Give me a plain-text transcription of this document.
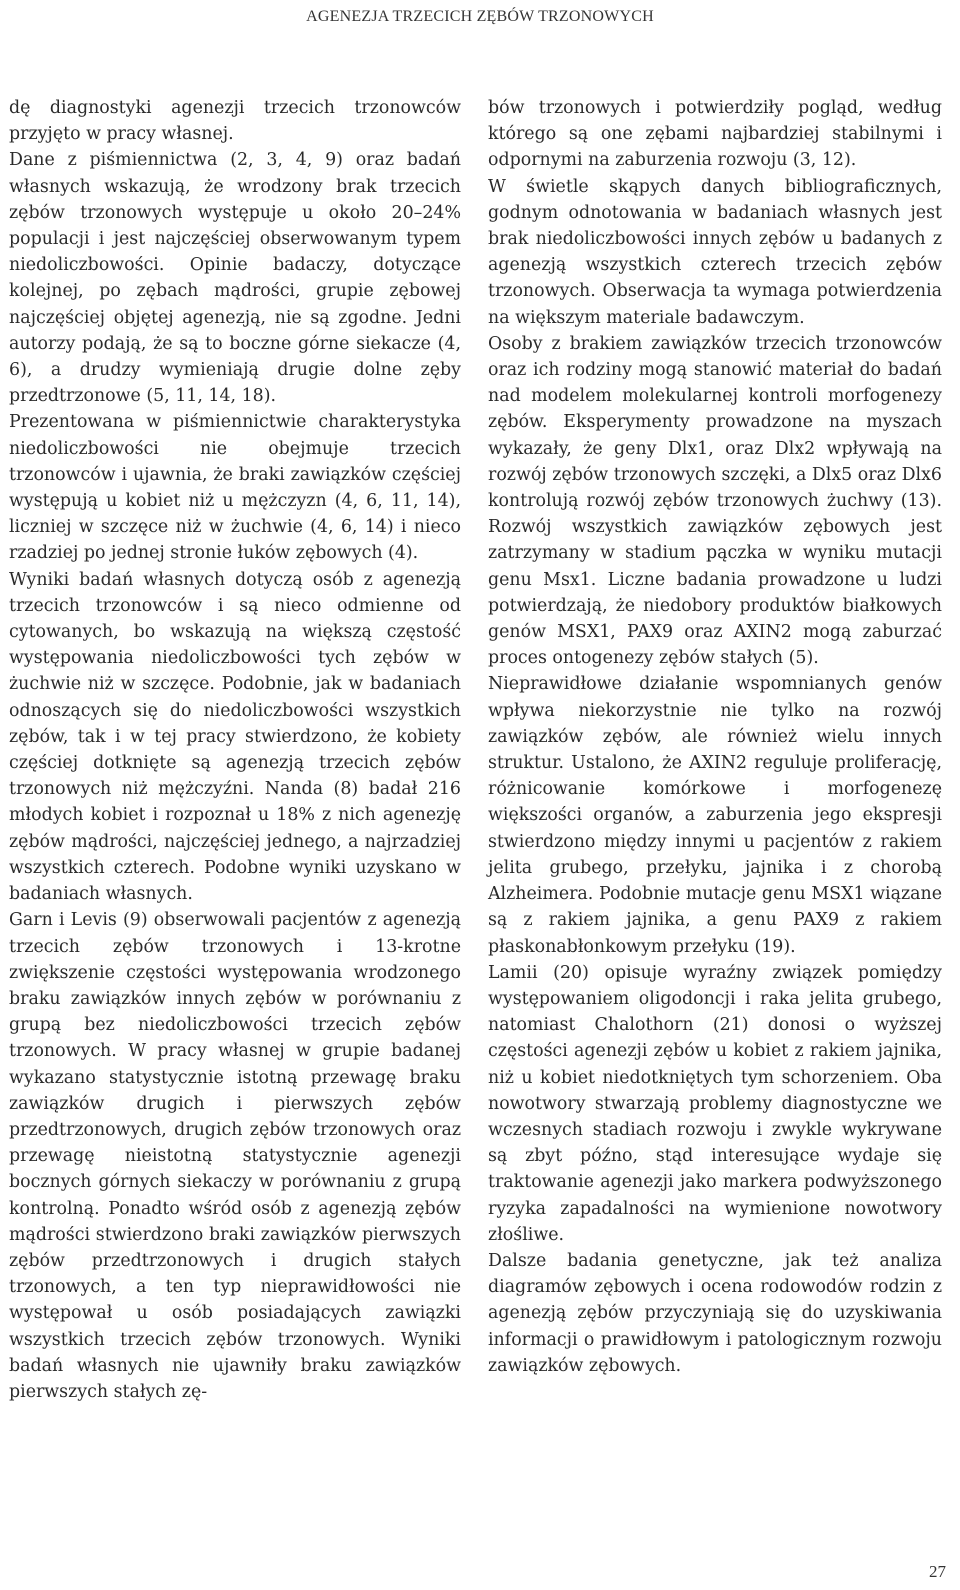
AGENEZJA TRZECICH ZĘBÓW TRZONOWYCH

dę diagnostyki agenezji trzecich trzonowców przyjęto w pracy własnej.

Dane z piśmiennictwa (2, 3, 4, 9) oraz badań własnych wskazują, że wrodzony brak trzecich zębów trzonowych występuje u około 20–24% populacji i jest najczęściej obserwowanym typem niedoliczbowości. Opinie badaczy, dotyczące kolejnej, po zębach mądrości, grupie zębowej najczęściej objętej agenezją, nie są zgodne. Jedni autorzy podają, że są to boczne górne siekacze (4, 6), a drudzy wymieniają drugie dolne zęby przedtrzonowe (5, 11, 14, 18).

Prezentowana w piśmiennictwie charakterystyka niedoliczbowości nie obejmuje trzecich trzonowców i ujawnia, że braki zawiązków częściej występują u kobiet niż u mężczyzn (4, 6, 11, 14), liczniej w szczęce niż w żuchwie (4, 6, 14) i nieco rzadziej po jednej stronie łuków zębowych (4).

Wyniki badań własnych dotyczą osób z agenezją trzecich trzonowców i są nieco odmienne od cytowanych, bo wskazują na większą częstość występowania niedoliczbowości tych zębów w żuchwie niż w szczęce. Podobnie, jak w badaniach odnoszących się do niedoliczbowości wszystkich zębów, tak i w tej pracy stwierdzono, że kobiety częściej dotknięte są agenezją trzecich zębów trzonowych niż mężczyźni. Nanda (8) badał 216 młodych kobiet i rozpoznał u 18% z nich agenezję zębów mądrości, najczęściej jednego, a najrzadziej wszystkich czterech. Podobne wyniki uzyskano w badaniach własnych.

Garn i Levis (9) obserwowali pacjentów z agenezją trzecich zębów trzonowych i 13-krotne zwiększenie częstości występowania wrodzonego braku zawiązków innych zębów w porównaniu z grupą bez niedoliczbowości trzecich zębów trzonowych. W pracy własnej w grupie badanej wykazano statystycznie istotną przewagę braku zawiązków drugich i pierwszych zębów przedtrzonowych, drugich zębów trzonowych oraz przewagę nieistotną statystycznie agenezji bocznych górnych siekaczy w porównaniu z grupą kontrolną. Ponadto wśród osób z agenezją zębów mądrości stwierdzono braki zawiązków pierwszych zębów przedtrzonowych i drugich stałych trzonowych, a ten typ nieprawidłowości nie występował u osób posiadających zawiązki wszystkich trzecich zębów trzonowych. Wyniki badań własnych nie ujawniły braku zawiązków pierwszych stałych zę-

bów trzonowych i potwierdziły pogląd, według którego są one zębami najbardziej stabilnymi i odpornymi na zaburzenia rozwoju (3, 12).

W świetle skąpych danych bibliograficznych, godnym odnotowania w badaniach własnych jest brak niedoliczbowości innych zębów u badanych z agenezją wszystkich czterech trzecich zębów trzonowych. Obserwacja ta wymaga potwierdzenia na większym materiale badawczym.

Osoby z brakiem zawiązków trzecich trzonowców oraz ich rodziny mogą stanowić materiał do badań nad modelem molekularnej kontroli morfogenezy zębów. Eksperymenty prowadzone na myszach wykazały, że geny Dlx1, oraz Dlx2 wpływają na rozwój zębów trzonowych szczęki, a Dlx5 oraz Dlx6 kontrolują rozwój zębów trzonowych żuchwy (13). Rozwój wszystkich zawiązków zębowych jest zatrzymany w stadium pączka w wyniku mutacji genu Msx1. Liczne badania prowadzone u ludzi potwierdzają, że niedobory produktów białkowych genów MSX1, PAX9 oraz AXIN2 mogą zaburzać proces ontogenezy zębów stałych (5).

Nieprawidłowe działanie wspomnianych genów wpływa niekorzystnie nie tylko na rozwój zawiązków zębów, ale również wielu innych struktur. Ustalono, że AXIN2 reguluje proliferację, różnicowanie komórkowe i morfogenezę większości organów, a zaburzenia jego ekspresji stwierdzono między innymi u pacjentów z rakiem jelita grubego, przełyku, jajnika i z chorobą Alzheimera. Podobnie mutacje genu MSX1 wiązane są z rakiem jajnika, a genu PAX9 z rakiem płaskonabłonkowym przełyku (19).

Lamii (20) opisuje wyraźny związek pomiędzy występowaniem oligodoncji i raka jelita grubego, natomiast Chalothorn (21) donosi o wyższej częstości agenezji zębów u kobiet z rakiem jajnika, niż u kobiet niedotkniętych tym schorzeniem. Oba nowotwory stwarzają problemy diagnostyczne we wczesnych stadiach rozwoju i zwykle wykrywane są zbyt późno, stąd interesujące wydaje się traktowanie agenezji jako markera podwyższonego ryzyka zapadalności na wymienione nowotwory złośliwe.

Dalsze badania genetyczne, jak też analiza diagramów zębowych i ocena rodowodów rodzin z agenezją zębów przyczyniają się do uzyskiwania informacji o prawidłowym i patologicznym rozwoju zawiązków zębowych.

27
